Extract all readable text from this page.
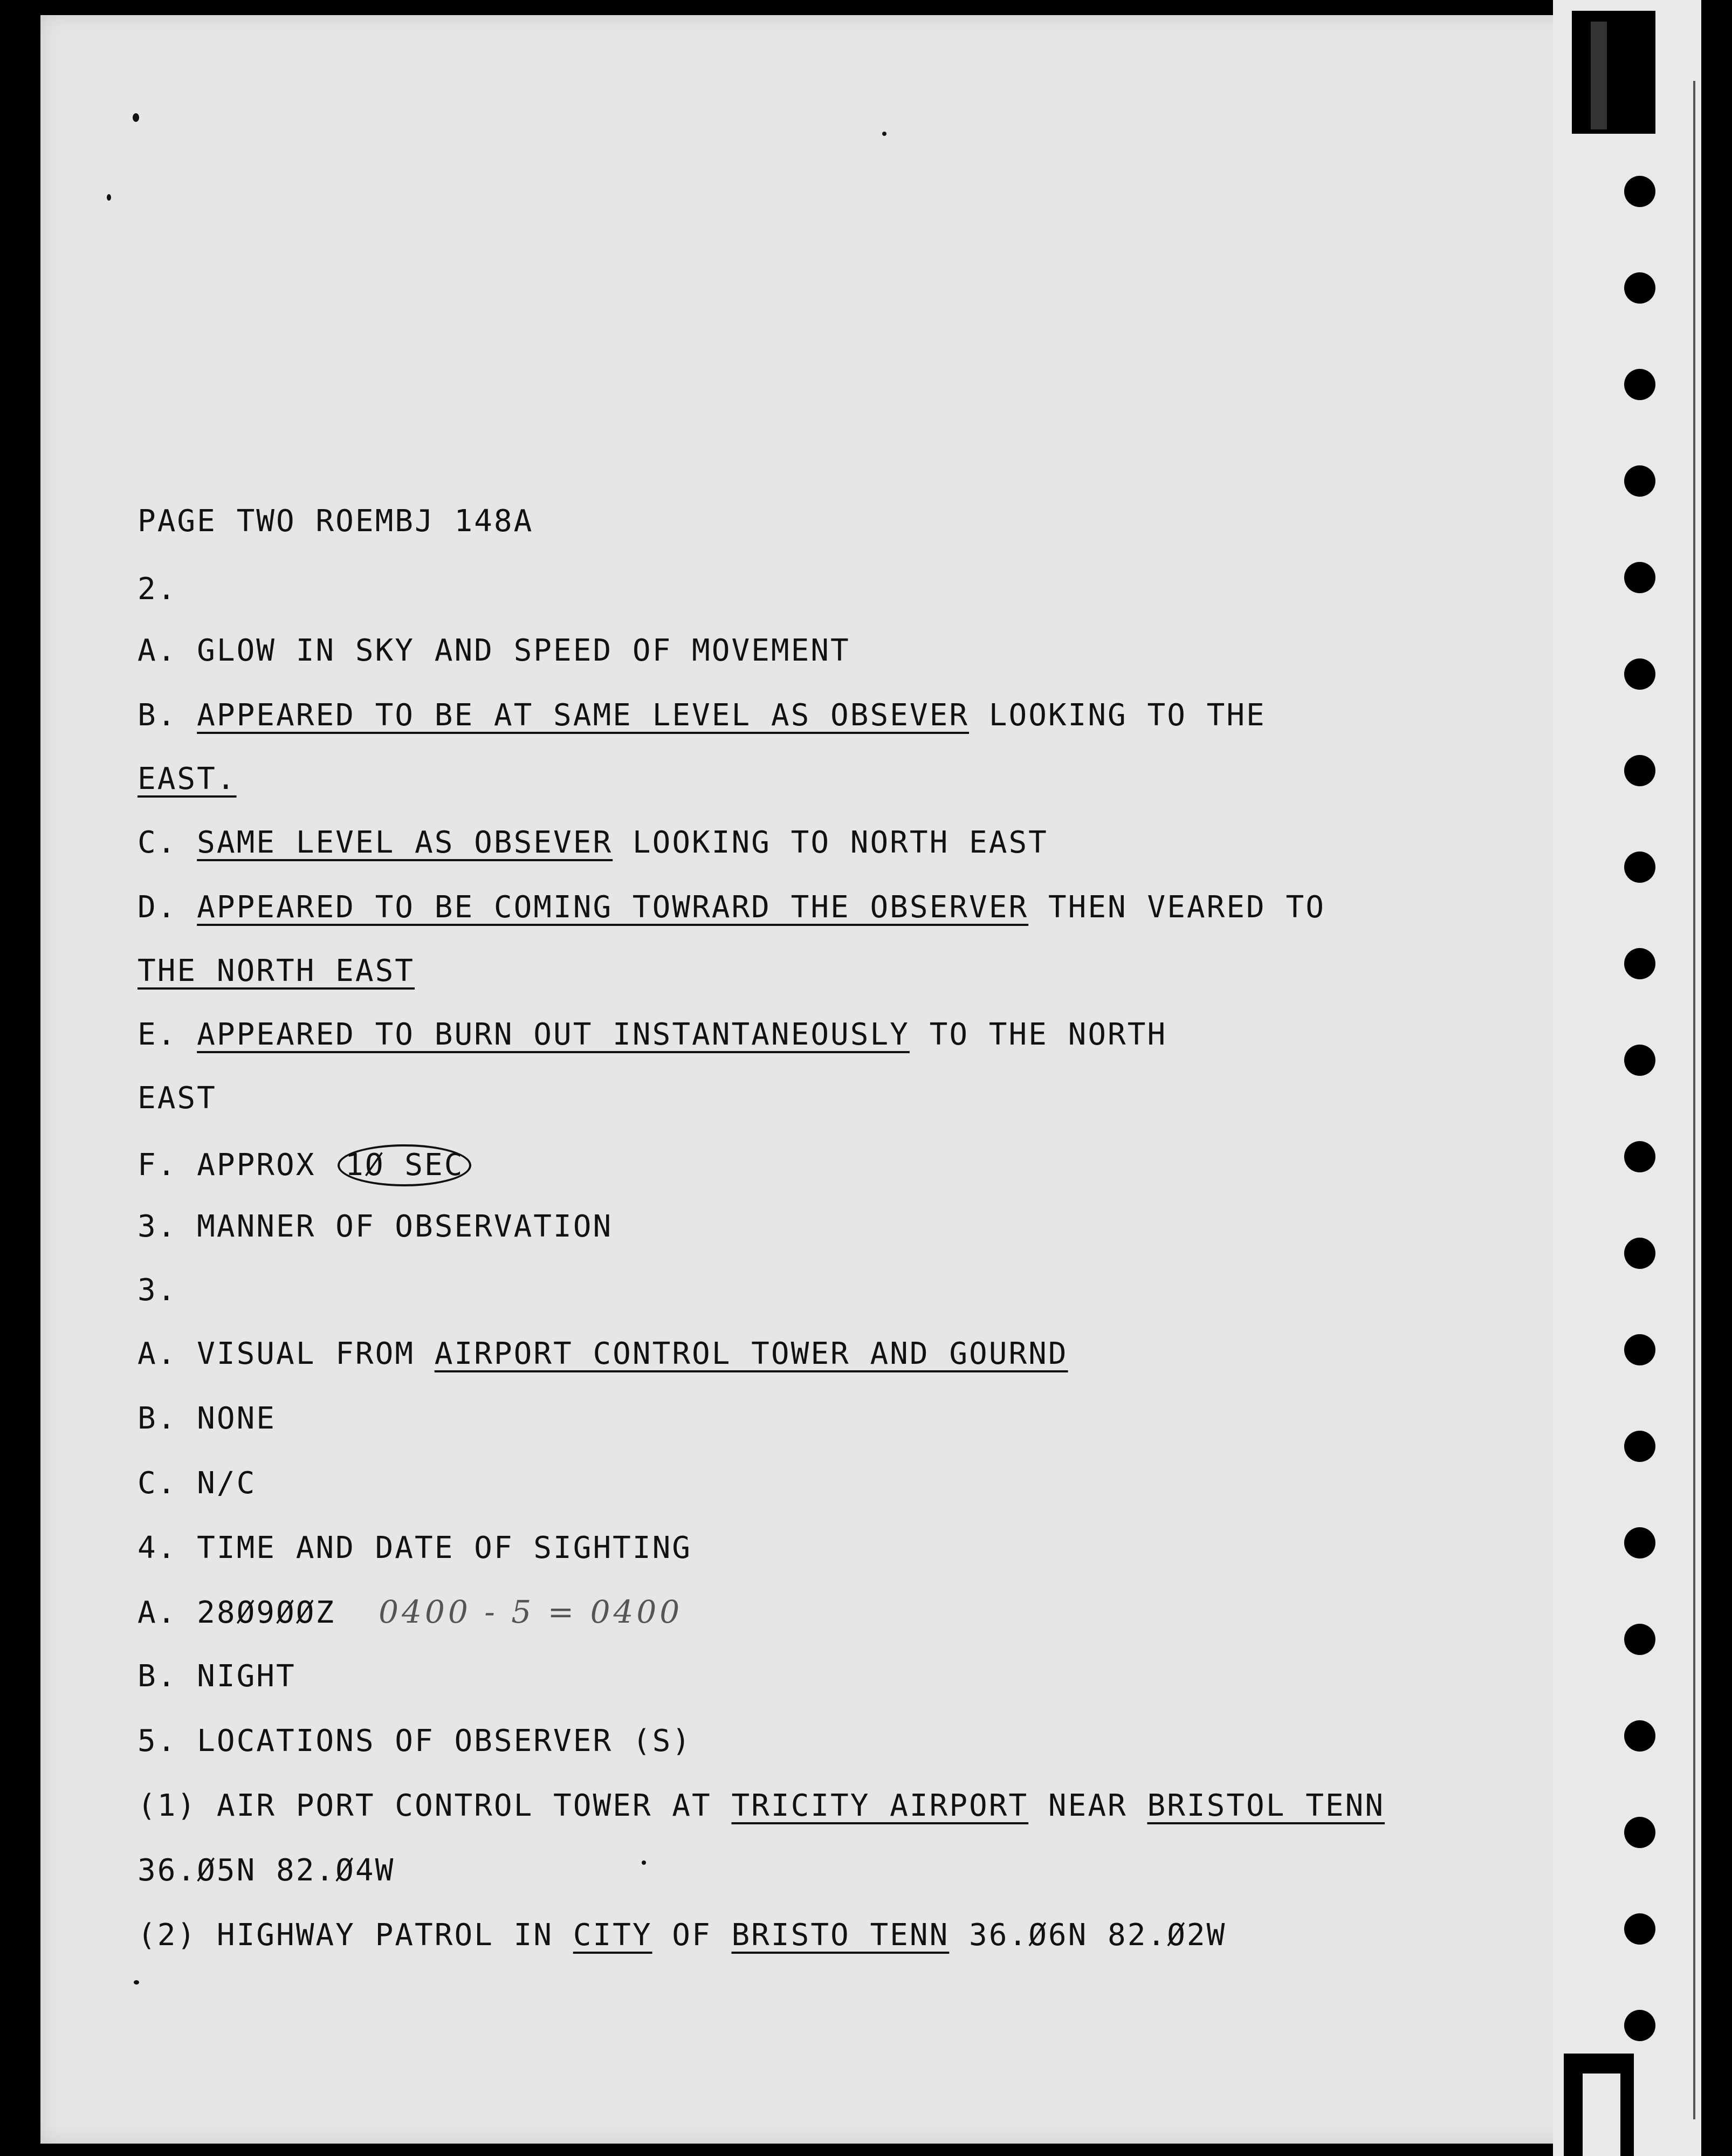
PAGE TWO ROEMBJ 148A
2.
A. GLOW IN SKY AND SPEED OF MOVEMENT
B. APPEARED TO BE AT SAME LEVEL AS OBSEVER LOOKING TO THE
EAST.
C. SAME LEVEL AS OBSEVER LOOKING TO NORTH EAST
D. APPEARED TO BE COMING TOWRARD THE OBSERVER THEN VEARED TO
THE NORTH EAST
E. APPEARED TO BURN OUT INSTANTANEOUSLY TO THE NORTH
EAST
F. APPROX 1Ø SEC
3. MANNER OF OBSERVATION
3.
A. VISUAL FROM AIRPORT CONTROL TOWER AND GOURND
B. NONE
C. N/C
4. TIME AND DATE OF SIGHTING
A. 28Ø9ØØZ 0400 - 5 = 0400
B. NIGHT
5. LOCATIONS OF OBSERVER (S)
(1) AIR PORT CONTROL TOWER AT TRICITY AIRPORT NEAR BRISTOL TENN
36.Ø5N 82.Ø4W
(2) HIGHWAY PATROL IN CITY OF BRISTO TENN 36.Ø6N 82.Ø2W
